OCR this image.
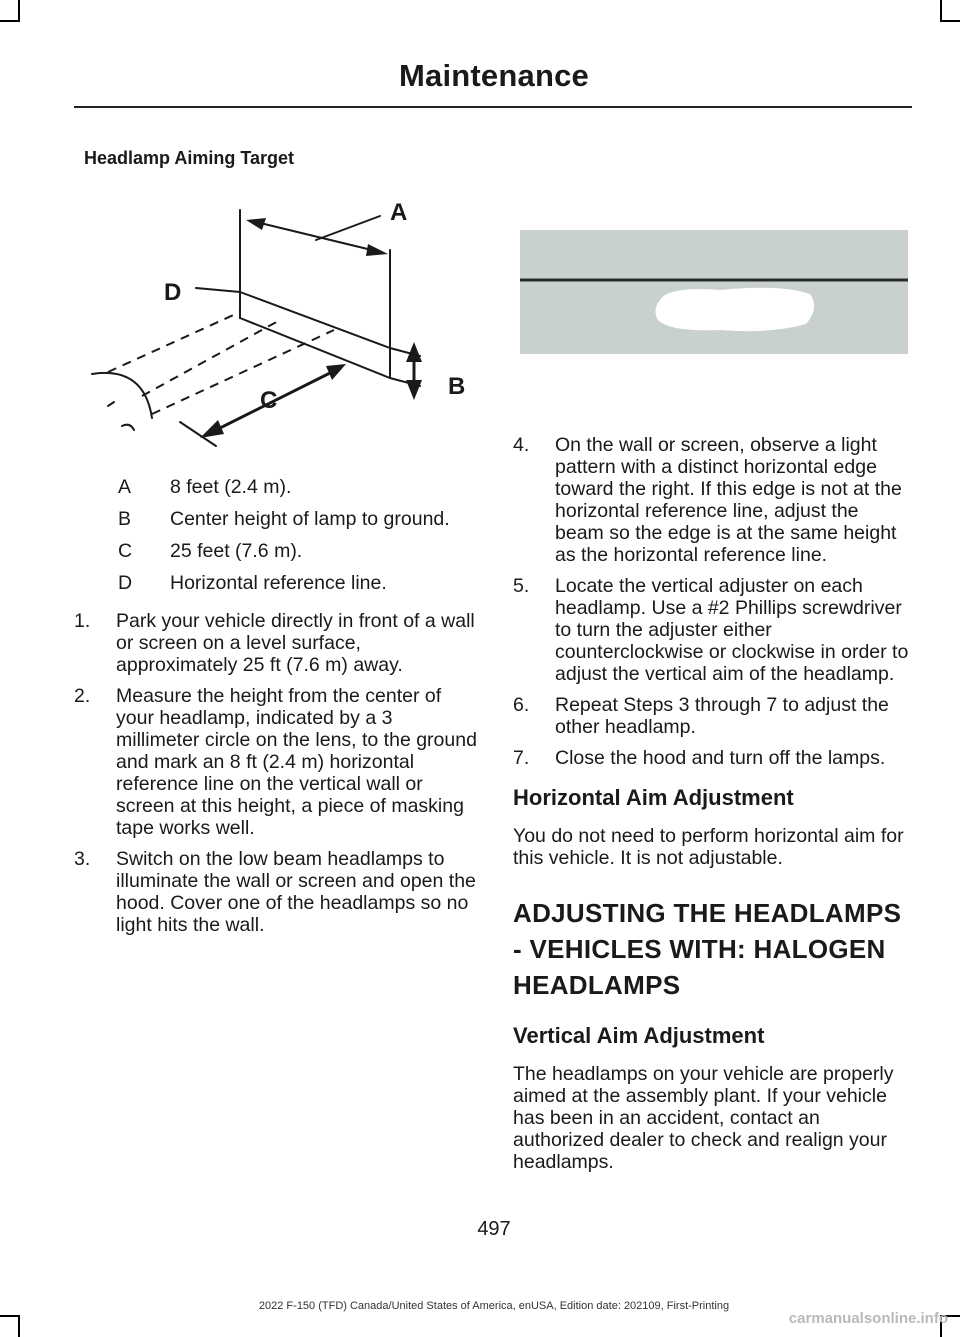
Maintenance
Headlamp Aiming Target
A
D
B
C
A	8 feet (2.4 m).
B	Center height of lamp to ground.
C	25 feet (7.6 m).
D	Horizontal reference line.
1.	Park your vehicle directly in front of a wall or screen on a level surface, approximately 25 ft (7.6 m) away.
2.	Measure the height from the center of your headlamp, indicated by a 3 millimeter circle on the lens, to the ground and mark an 8 ft (2.4 m) horizontal reference line on the vertical wall or screen at this height, a piece of masking tape works well.
3.	Switch on the low beam headlamps to illuminate the wall or screen and open the hood. Cover one of the headlamps so no light hits the wall.
4.	On the wall or screen, observe a light pattern with a distinct horizontal edge toward the right. If this edge is not at the horizontal reference line, adjust the beam so the edge is at the same height as the horizontal reference line.
5.	Locate the vertical adjuster on each headlamp. Use a #2 Phillips screwdriver to turn the adjuster either counterclockwise or clockwise in order to adjust the vertical aim of the headlamp.
6.	Repeat Steps 3 through 7 to adjust the other headlamp.
7.	Close the hood and turn off the lamps.
Horizontal Aim Adjustment
You do not need to perform horizontal aim for this vehicle. It is not adjustable.
ADJUSTING THE HEADLAMPS
- VEHICLES WITH: HALOGEN
HEADLAMPS
Vertical Aim Adjustment
The headlamps on your vehicle are properly aimed at the assembly plant. If your vehicle has been in an accident, contact an authorized dealer to check and realign your headlamps.
497
2022 F-150 (TFD) Canada/United States of America, enUSA, Edition date: 202109, First-Printing
carmanualsonline.info
